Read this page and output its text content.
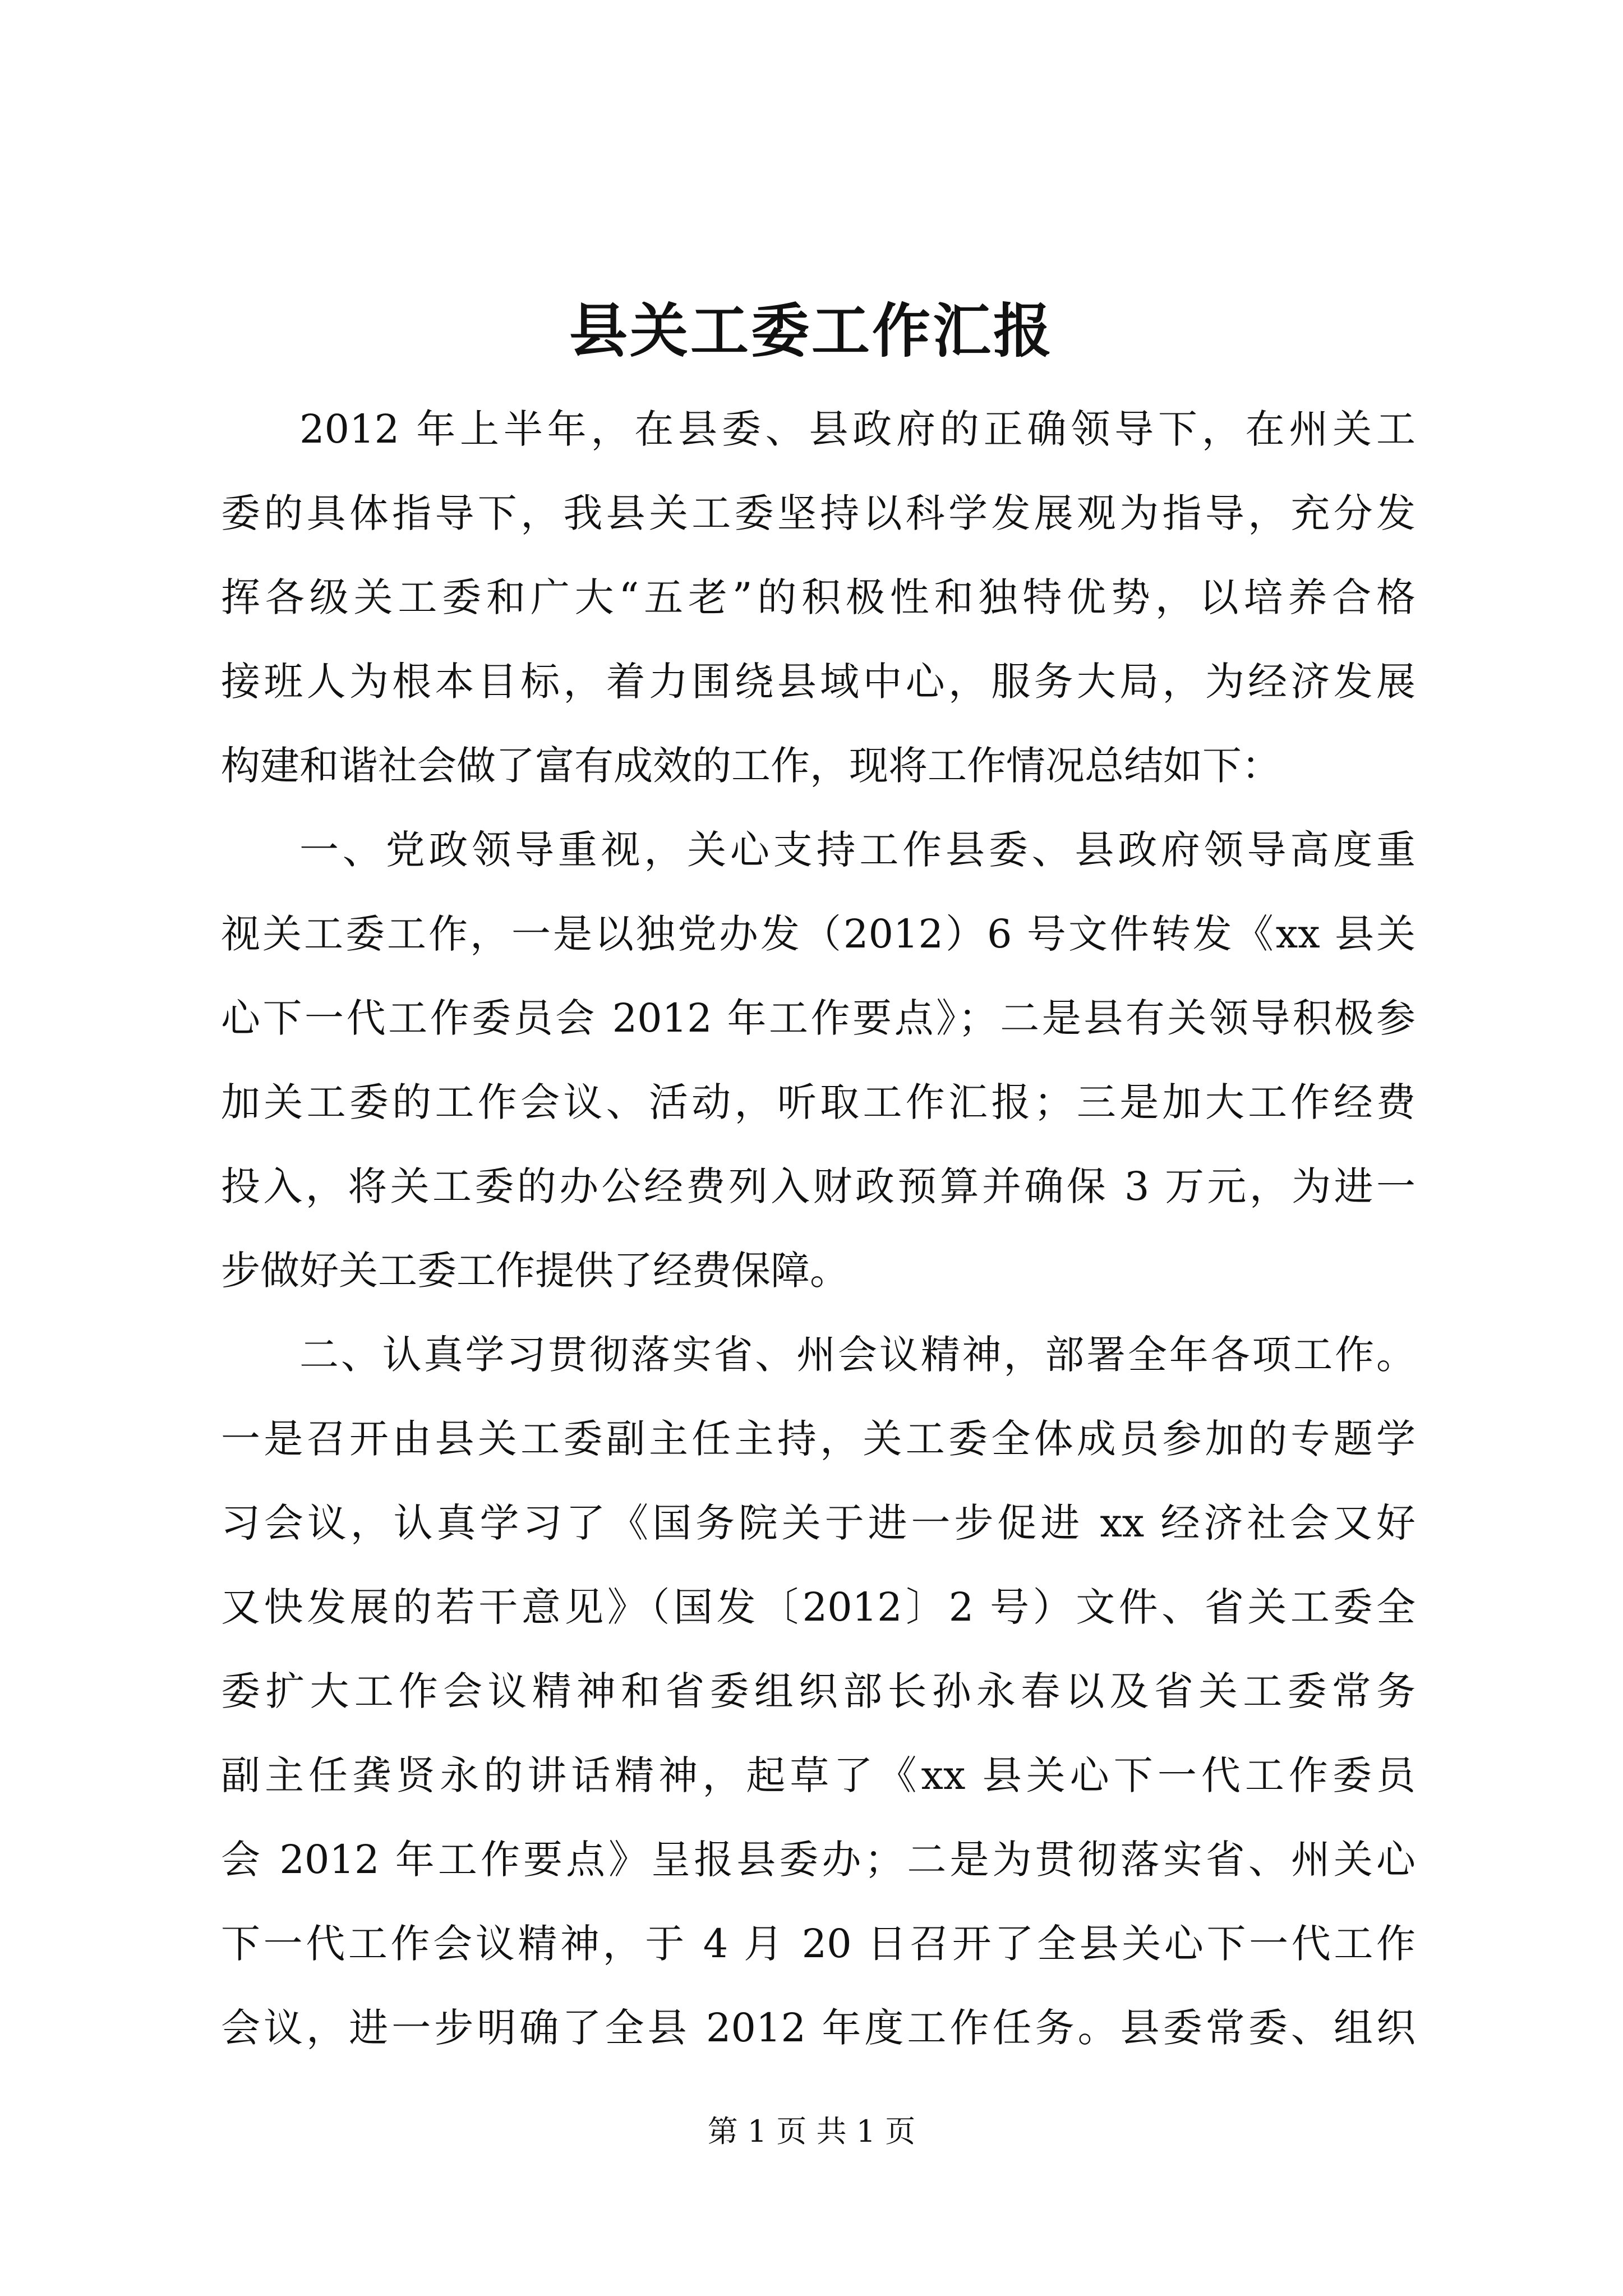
县关工委工作汇报
2012 年上半年，在县委、县政府的正确领导下，在州关工
委的具体指导下，我县关工委坚持以科学发展观为指导，充分发
挥各级关工委和广大“五老”的积极性和独特优势，以培养合格
接班人为根本目标，着力围绕县域中心，服务大局，为经济发展
构建和谐社会做了富有成效的工作，现将工作情况总结如下：
一、党政领导重视，关心支持工作县委、县政府领导高度重
视关工委工作，一是以独党办发（2012）6 号文件转发《xx 县关
心下一代工作委员会 2012 年工作要点》；二是县有关领导积极参
加关工委的工作会议、活动，听取工作汇报；三是加大工作经费
投入，将关工委的办公经费列入财政预算并确保 3 万元，为进一
步做好关工委工作提供了经费保障。
二、认真学习贯彻落实省、州会议精神，部署全年各项工作。
一是召开由县关工委副主任主持，关工委全体成员参加的专题学
习会议，认真学习了《国务院关于进一步促进 xx 经济社会又好
又快发展的若干意见》（国发〔2012〕2 号）文件、省关工委全
委扩大工作会议精神和省委组织部长孙永春以及省关工委常务
副主任龚贤永的讲话精神，起草了《xx 县关心下一代工作委员
会 2012 年工作要点》呈报县委办；二是为贯彻落实省、州关心
下一代工作会议精神，于 4 月 20 日召开了全县关心下一代工作
会议，进一步明确了全县 2012 年度工作任务。县委常委、组织
第 1 页 共 1 页
